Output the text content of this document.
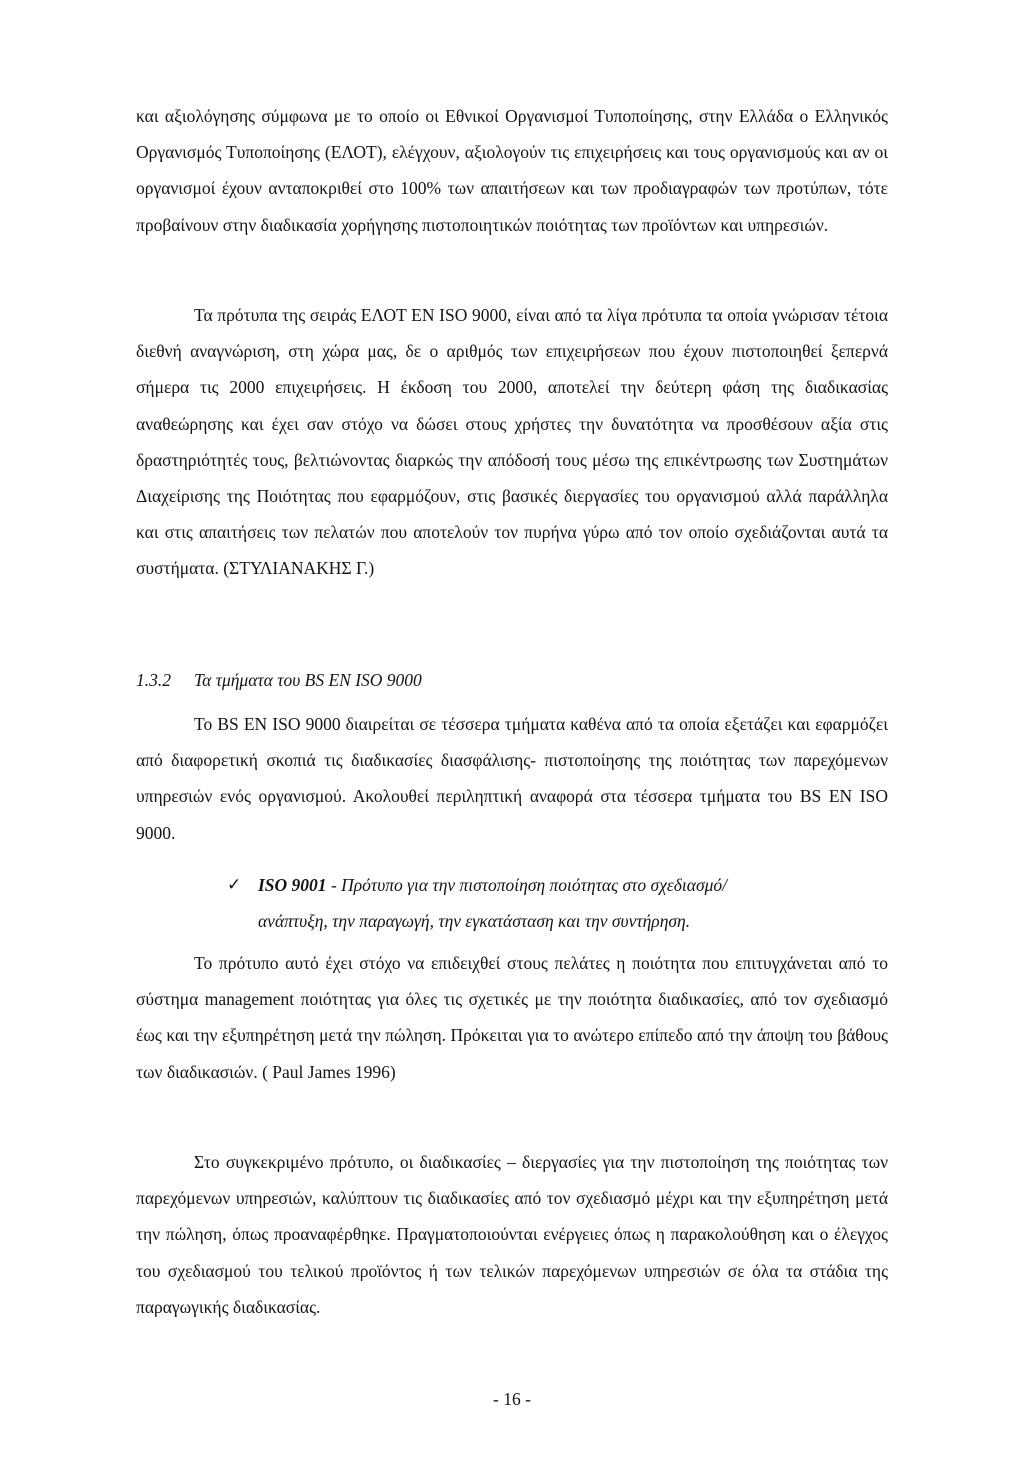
και αξιολόγησης σύμφωνα με το οποίο οι Εθνικοί Οργανισμοί Τυποποίησης, στην Ελλάδα ο Ελληνικός Οργανισμός Τυποποίησης (ΕΛΟΤ), ελέγχουν, αξιολογούν τις επιχειρήσεις και τους οργανισμούς και αν οι οργανισμοί έχουν ανταποκριθεί στο 100% των απαιτήσεων και των προδιαγραφών των προτύπων, τότε προβαίνουν στην διαδικασία χορήγησης πιστοποιητικών ποιότητας των προϊόντων και υπηρεσιών.

Τα πρότυπα της σειράς ΕΛΟΤ ΕΝ ISO 9000, είναι από τα λίγα πρότυπα τα οποία γνώρισαν τέτοια διεθνή αναγνώριση, στη χώρα μας, δε ο αριθμός των επιχειρήσεων που έχουν πιστοποιηθεί ξεπερνά σήμερα τις 2000 επιχειρήσεις. Η έκδοση του 2000, αποτελεί την δεύτερη φάση της διαδικασίας αναθεώρησης και έχει σαν στόχο να δώσει στους χρήστες την δυνατότητα να προσθέσουν αξία στις δραστηριότητές τους, βελτιώνοντας διαρκώς την απόδοσή τους μέσω της επικέντρωσης των Συστημάτων Διαχείρισης της Ποιότητας που εφαρμόζουν, στις βασικές διεργασίες του οργανισμού αλλά παράλληλα και στις απαιτήσεις των πελατών που αποτελούν τον πυρήνα γύρω από τον οποίο σχεδιάζονται αυτά τα συστήματα. (ΣΤΥΛΙΑΝΑΚΗΣ Γ.)

1.3.2 Τα τμήματα του BS EN ISO 9000

Το BS EN ISO 9000 διαιρείται σε τέσσερα τμήματα καθένα από τα οποία εξετάζει και εφαρμόζει από διαφορετική σκοπιά τις διαδικασίες διασφάλισης- πιστοποίησης της ποιότητας των παρεχόμενων υπηρεσιών ενός οργανισμού. Ακολουθεί περιληπτική αναφορά στα τέσσερα τμήματα του BS EN ISO 9000.

✓ ISO 9001 - Πρότυπο για την πιστοποίηση ποιότητας στο σχεδιασμό/
ανάπτυξη, την παραγωγή, την εγκατάσταση και την συντήρηση.

Το πρότυπο αυτό έχει στόχο να επιδειχθεί στους πελάτες η ποιότητα που επιτυγχάνεται από το σύστημα management ποιότητας για όλες τις σχετικές με την ποιότητα διαδικασίες, από τον σχεδιασμό έως και την εξυπηρέτηση μετά την πώληση. Πρόκειται για το ανώτερο επίπεδο από την άποψη του βάθους των διαδικασιών. ( Paul James 1996)

Στο συγκεκριμένο πρότυπο, οι διαδικασίες – διεργασίες για την πιστοποίηση της ποιότητας των παρεχόμενων υπηρεσιών, καλύπτουν τις διαδικασίες από τον σχεδιασμό μέχρι και την εξυπηρέτηση μετά την πώληση, όπως προαναφέρθηκε. Πραγματοποιούνται ενέργειες όπως η παρακολούθηση και ο έλεγχος του σχεδιασμού του τελικού προϊόντος ή των τελικών παρεχόμενων υπηρεσιών σε όλα τα στάδια της παραγωγικής διαδικασίας.

- 16 -
